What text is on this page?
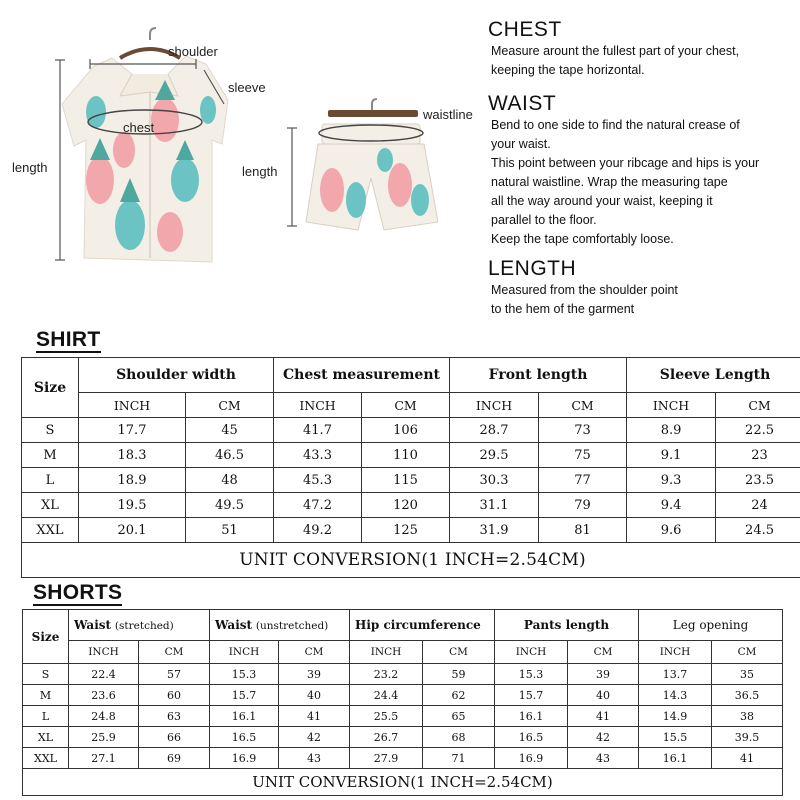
shoulder
sleeve
chest
length
waistline
length
CHEST
Measure arount the fullest part of your chest,
keeping the tape horizontal.
WAIST
Bend to one side to find the natural crease of
your waist.
This point between your ribcage and hips is your
natural waistline. Wrap the measuring tape
all the way around your waist, keeping it
parallel to the floor.
Keep the tape comfortably loose.
LENGTH
Measured from the shoulder point
to the hem of the garment
SHIRT
Size	Shoulder width		Chest measurement		Front length		Sleeve Length	
	INCH	CM	INCH	CM	INCH	CM	INCH	CM
S	17.7	45	41.7	106	28.7	73	8.9	22.5
M	18.3	46.5	43.3	110	29.5	75	9.1	23
L	18.9	48	45.3	115	30.3	77	9.3	23.5
XL	19.5	49.5	47.2	120	31.1	79	9.4	24
XXL	20.1	51	49.2	125	31.9	81	9.6	24.5
UNIT CONVERSION(1 INCH=2.54CM)								
SHORTS
Size	Waist (stretched)		Waist (unstretched)		Hip circumference		Pants length		Leg opening	
	INCH	CM	INCH	CM	INCH	CM	INCH	CM	INCH	CM
S	22.4	57	15.3	39	23.2	59	15.3	39	13.7	35
M	23.6	60	15.7	40	24.4	62	15.7	40	14.3	36.5
L	24.8	63	16.1	41	25.5	65	16.1	41	14.9	38
XL	25.9	66	16.5	42	26.7	68	16.5	42	15.5	39.5
XXL	27.1	69	16.9	43	27.9	71	16.9	43	16.1	41
UNIT CONVERSION(1 INCH=2.54CM)										
